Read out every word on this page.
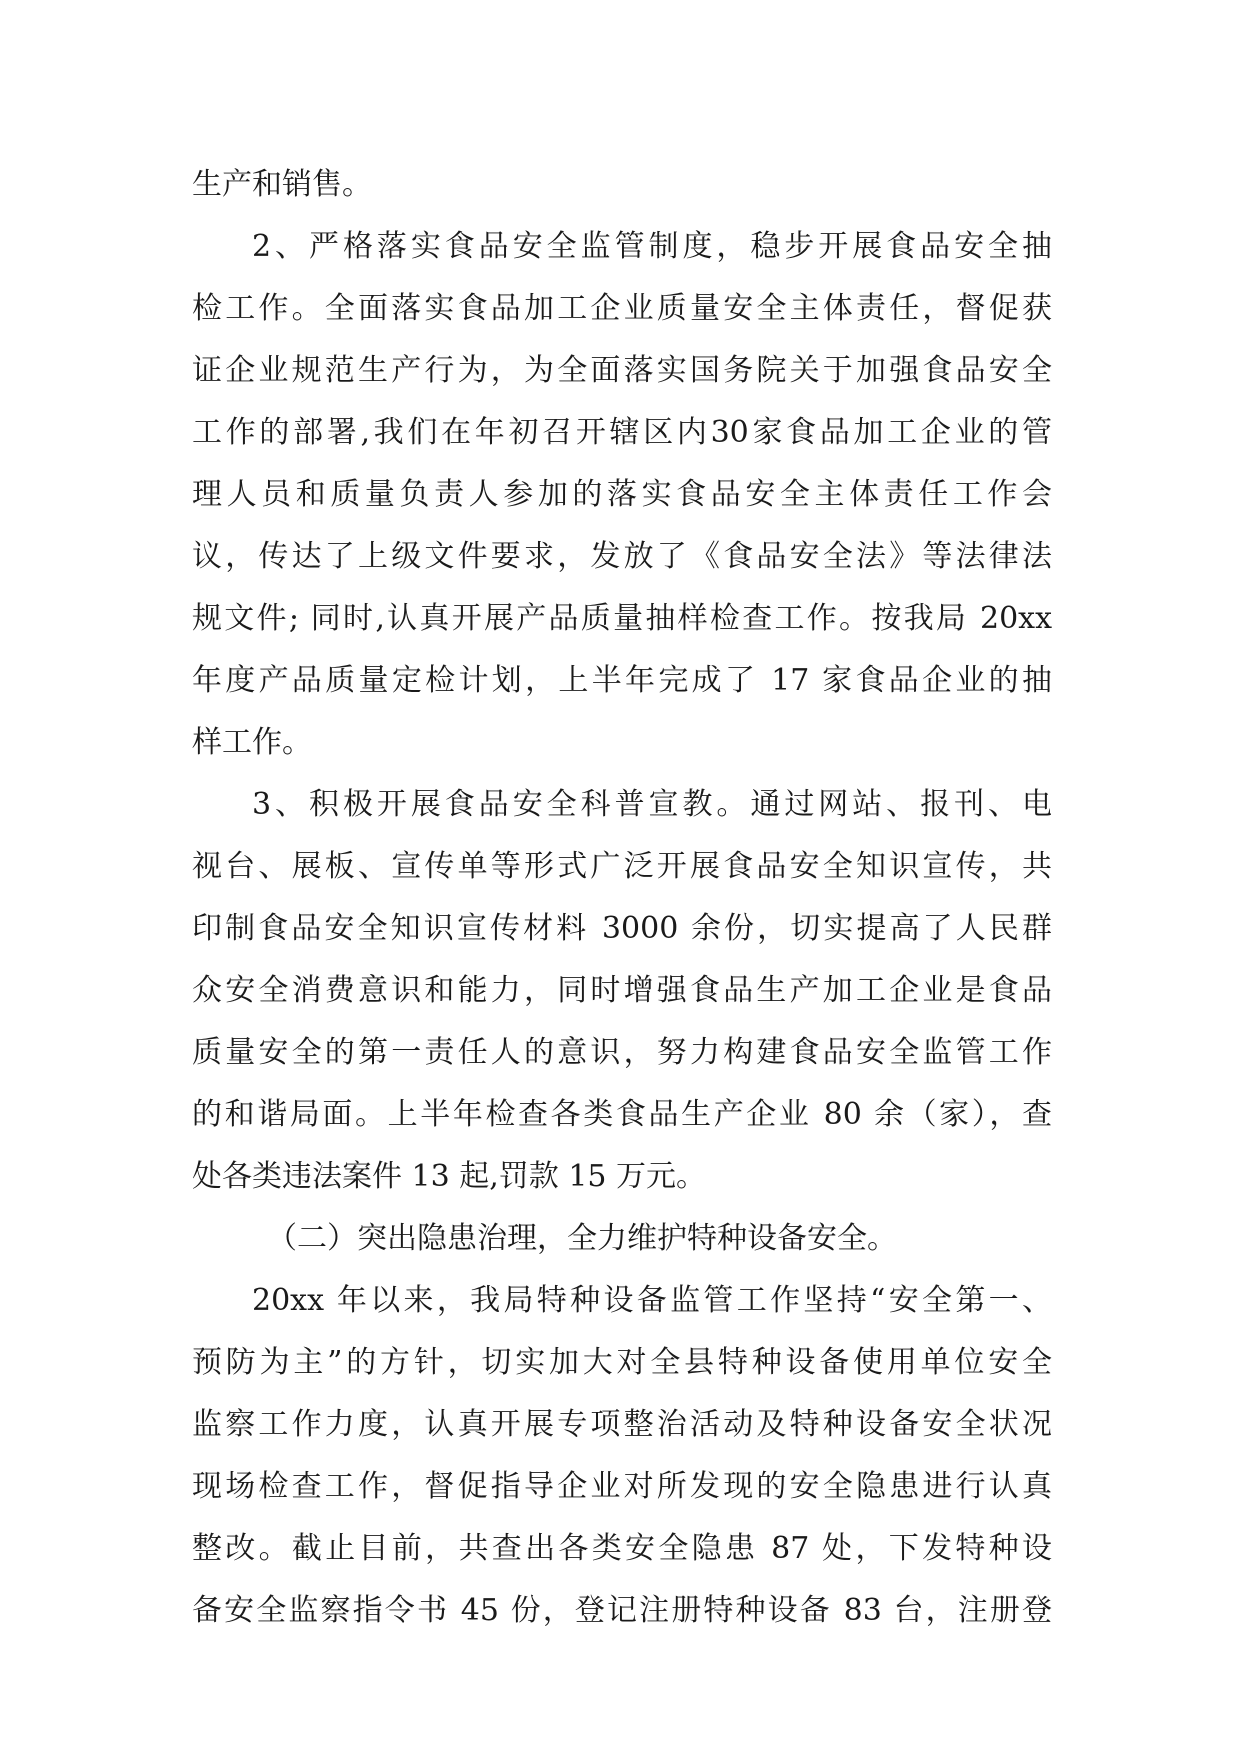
生产和销售。
2、严格落实食品安全监管制度，稳步开展食品安全抽
检工作。全面落实食品加工企业质量安全主体责任，督促获
证企业规范生产行为，为全面落实国务院关于加强食品安全
工作的部署,我们在年初召开辖区内30家食品加工企业的管
理人员和质量负责人参加的落实食品安全主体责任工作会
议，传达了上级文件要求，发放了《食品安全法》等法律法
规文件; 同时,认真开展产品质量抽样检查工作。按我局 20xx
年度产品质量定检计划，上半年完成了 17 家食品企业的抽
样工作。
3、积极开展食品安全科普宣教。通过网站、报刊、电
视台、展板、宣传单等形式广泛开展食品安全知识宣传，共
印制食品安全知识宣传材料 3000 余份，切实提高了人民群
众安全消费意识和能力，同时增强食品生产加工企业是食品
质量安全的第一责任人的意识，努力构建食品安全监管工作
的和谐局面。上半年检查各类食品生产企业 80 余（家），查
处各类违法案件 13 起,罚款 15 万元。
（二）突出隐患治理，全力维护特种设备安全。
20xx 年以来，我局特种设备监管工作坚持“安全第一、
预防为主”的方针，切实加大对全县特种设备使用单位安全
监察工作力度，认真开展专项整治活动及特种设备安全状况
现场检查工作，督促指导企业对所发现的安全隐患进行认真
整改。截止目前，共查出各类安全隐患 87 处，下发特种设
备安全监察指令书 45 份，登记注册特种设备 83 台，注册登
